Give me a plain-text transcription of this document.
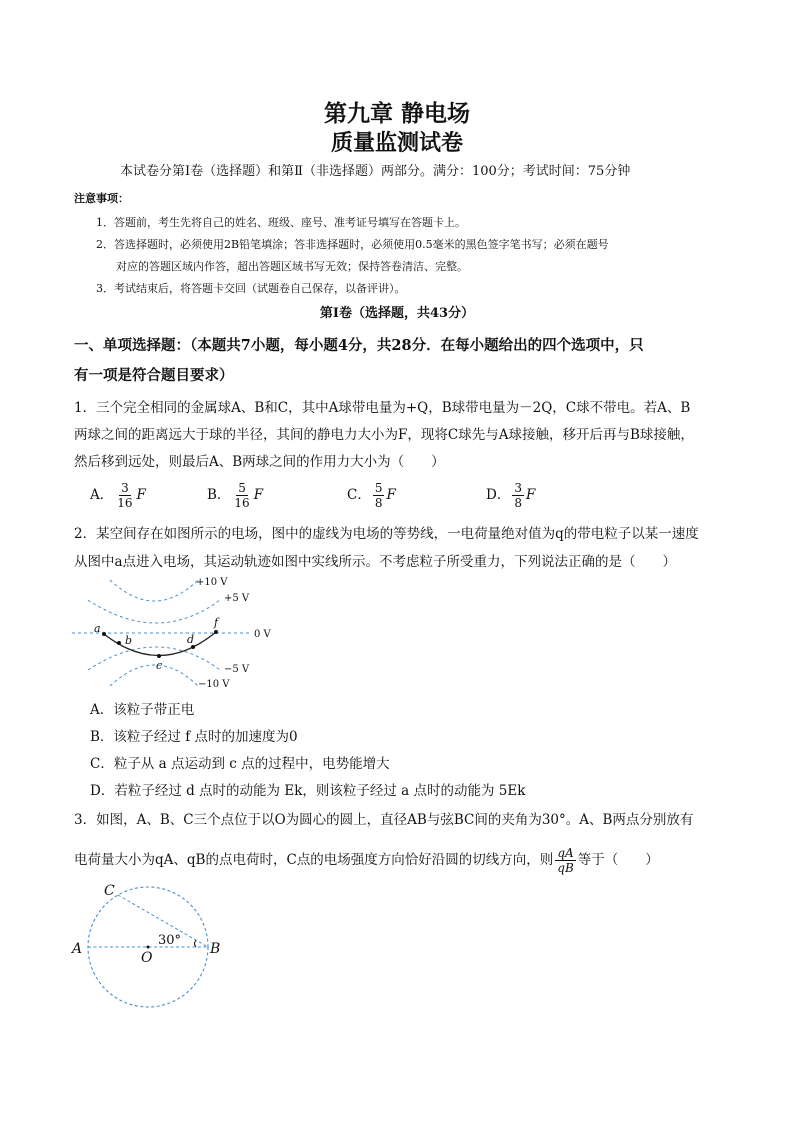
第九章 静电场
质量监测试卷
本试卷分第Ⅰ卷（选择题）和第Ⅱ（非选择题）两部分。满分：100分；考试时间：75分钟
注意事项：
1．答题前，考生先将自己的姓名、班级、座号、准考证号填写在答题卡上。
2．答选择题时，必须使用2B铅笔填涂；答非选择题时，必须使用0.5毫米的黑色签字笔书写；必须在题号
对应的答题区域内作答，超出答题区域书写无效；保持答卷清洁、完整。
3．考试结束后，将答题卡交回（试题卷自己保存，以备评讲）。
第Ⅰ卷（选择题，共43分）
一、单项选择题：（本题共7小题，每小题4分，共28分．在每小题给出的四个选项中，只
有一项是符合题目要求）
1．三个完全相同的金属球A、B和C，其中A球带电量为+Q，B球带电量为－2Q，C球不带电。若A、B
两球之间的距离远大于球的半径，其间的静电力大小为F，现将C球先与A球接触，移开后再与B球接触，
然后移到远处，则最后A、B两球之间的作用力大小为（　　）
A． $\frac{3}{16}$ F	B． $\frac{5}{16}$ F	C． $\frac{5}{8}$ F	D． $\frac{3}{8}$ F
2．某空间存在如图所示的电场，图中的虚线为电场的等势线，一电荷量绝对值为q的带电粒子以某一速度
从图中a点进入电场，其运动轨迹如图中实线所示。不考虑粒子所受重力，下列说法正确的是（　　）
a
b
c
d
f
+10 V
+5 V
0 V
−5 V
−10 V
A．该粒子带正电
B．该粒子经过 f 点时的加速度为0
C．粒子从 a 点运动到 c 点的过程中，电势能增大
D．若粒子经过 d 点时的动能为 Ek，则该粒子经过 a 点时的动能为 5Ek
3．如图，A、B、C三个点位于以O为圆心的圆上，直径AB与弦BC间的夹角为30°。A、B两点分别放有
电荷量大小为qA、qB的点电荷时，C点的电场强度方向恰好沿圆的切线方向，则 $\frac{qA}{qB}$ 等于（　　）
A	B
C
O
30°
